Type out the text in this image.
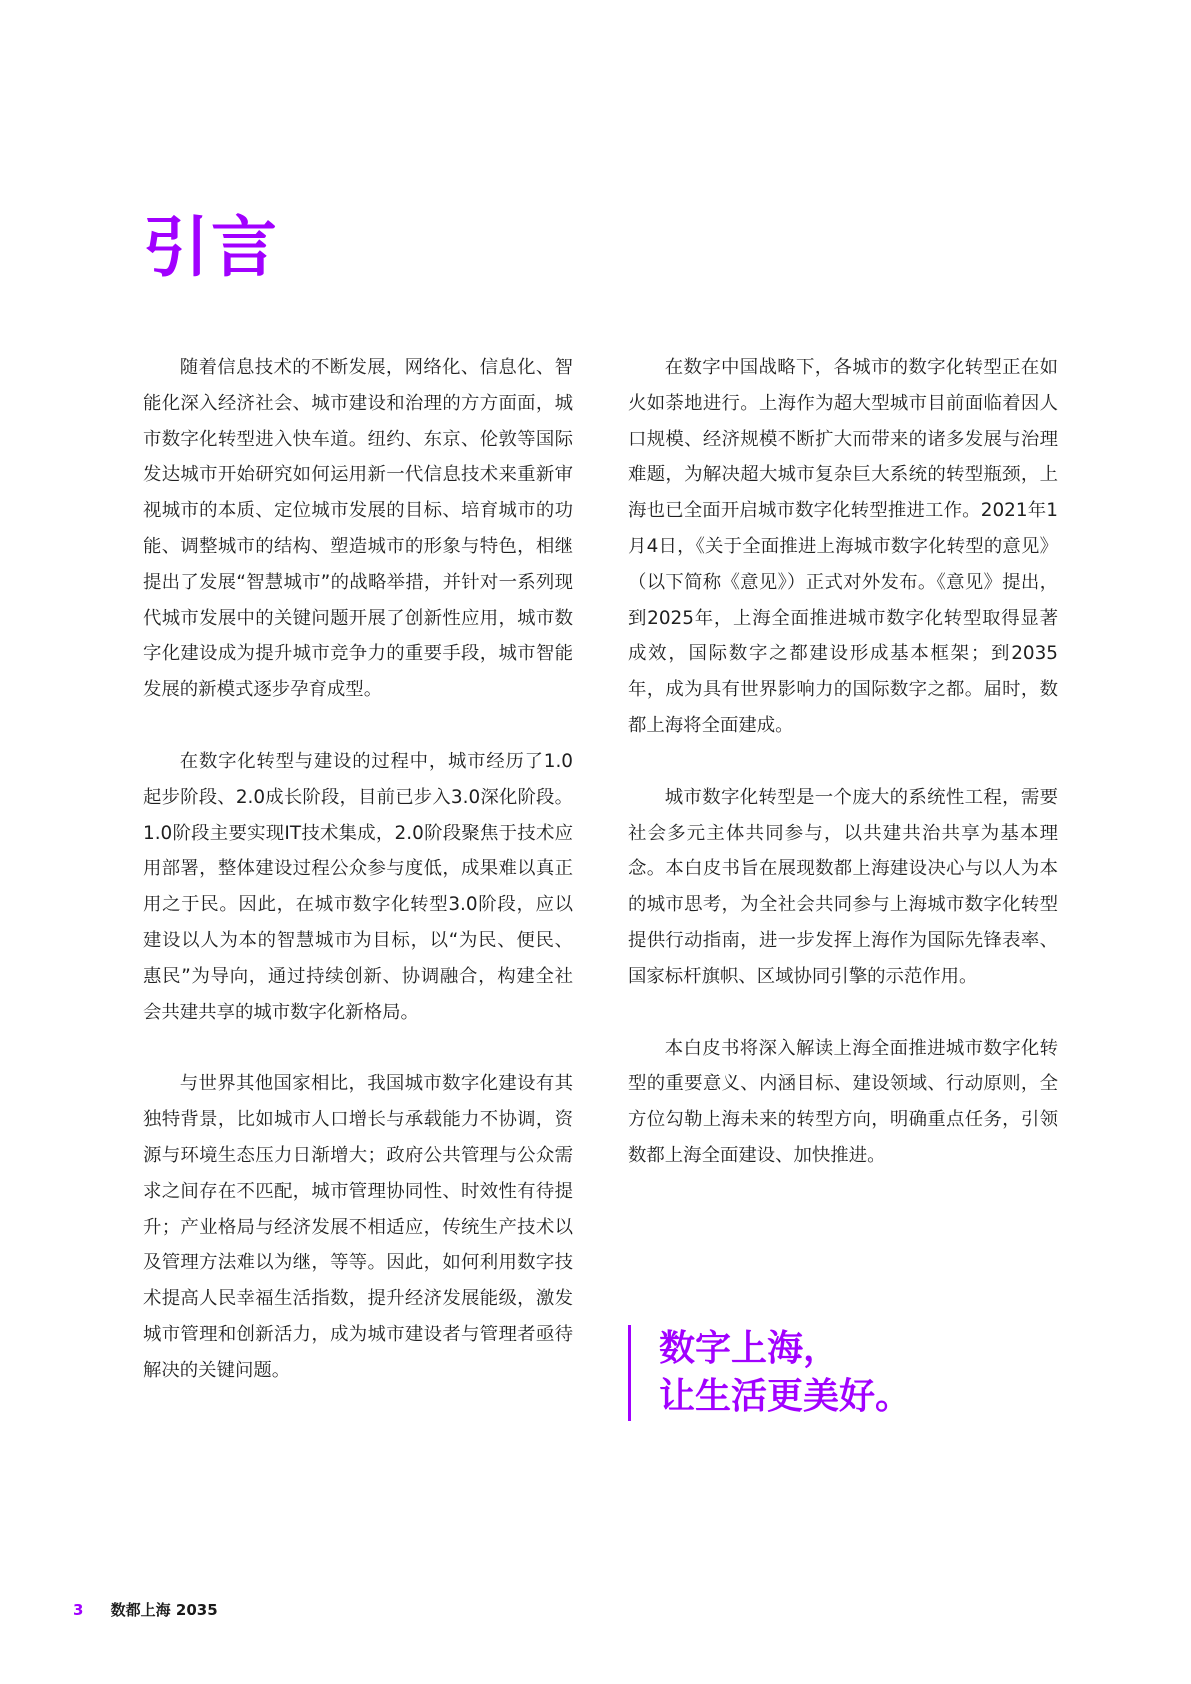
引言

随着信息技术的不断发展，网络化、信息化、智能化深入经济社会、城市建设和治理的方方面面，城市数字化转型进入快车道。纽约、东京、伦敦等国际发达城市开始研究如何运用新一代信息技术来重新审视城市的本质、定位城市发展的目标、培育城市的功能、调整城市的结构、塑造城市的形象与特色，相继提出了发展“智慧城市”的战略举措，并针对一系列现代城市发展中的关键问题开展了创新性应用，城市数字化建设成为提升城市竞争力的重要手段，城市智能发展的新模式逐步孕育成型。

在数字化转型与建设的过程中，城市经历了1.0起步阶段、2.0成长阶段，目前已步入3.0深化阶段。1.0阶段主要实现IT技术集成，2.0阶段聚焦于技术应用部署，整体建设过程公众参与度低，成果难以真正用之于民。因此，在城市数字化转型3.0阶段，应以建设以人为本的智慧城市为目标，以“为民、便民、惠民”为导向，通过持续创新、协调融合，构建全社会共建共享的城市数字化新格局。

与世界其他国家相比，我国城市数字化建设有其独特背景，比如城市人口增长与承载能力不协调，资源与环境生态压力日渐增大；政府公共管理与公众需求之间存在不匹配，城市管理协同性、时效性有待提升；产业格局与经济发展不相适应，传统生产技术以及管理方法难以为继，等等。因此，如何利用数字技术提高人民幸福生活指数，提升经济发展能级，激发城市管理和创新活力，成为城市建设者与管理者亟待解决的关键问题。

在数字中国战略下，各城市的数字化转型正在如火如荼地进行。上海作为超大型城市目前面临着因人口规模、经济规模不断扩大而带来的诸多发展与治理难题，为解决超大城市复杂巨大系统的转型瓶颈，上海也已全面开启城市数字化转型推进工作。2021年1月4日，《关于全面推进上海城市数字化转型的意见》（以下简称《意见》）正式对外发布。《意见》提出，到2025年，上海全面推进城市数字化转型取得显著成效，国际数字之都建设形成基本框架；到2035年，成为具有世界影响力的国际数字之都。届时，数都上海将全面建成。

城市数字化转型是一个庞大的系统性工程，需要社会多元主体共同参与，以共建共治共享为基本理念。本白皮书旨在展现数都上海建设决心与以人为本的城市思考，为全社会共同参与上海城市数字化转型提供行动指南，进一步发挥上海作为国际先锋表率、国家标杆旗帜、区域协同引擎的示范作用。

本白皮书将深入解读上海全面推进城市数字化转型的重要意义、内涵目标、建设领域、行动原则，全方位勾勒上海未来的转型方向，明确重点任务，引领数都上海全面建设、加快推进。

数字上海，
让生活更美好。
3 数都上海 2035
